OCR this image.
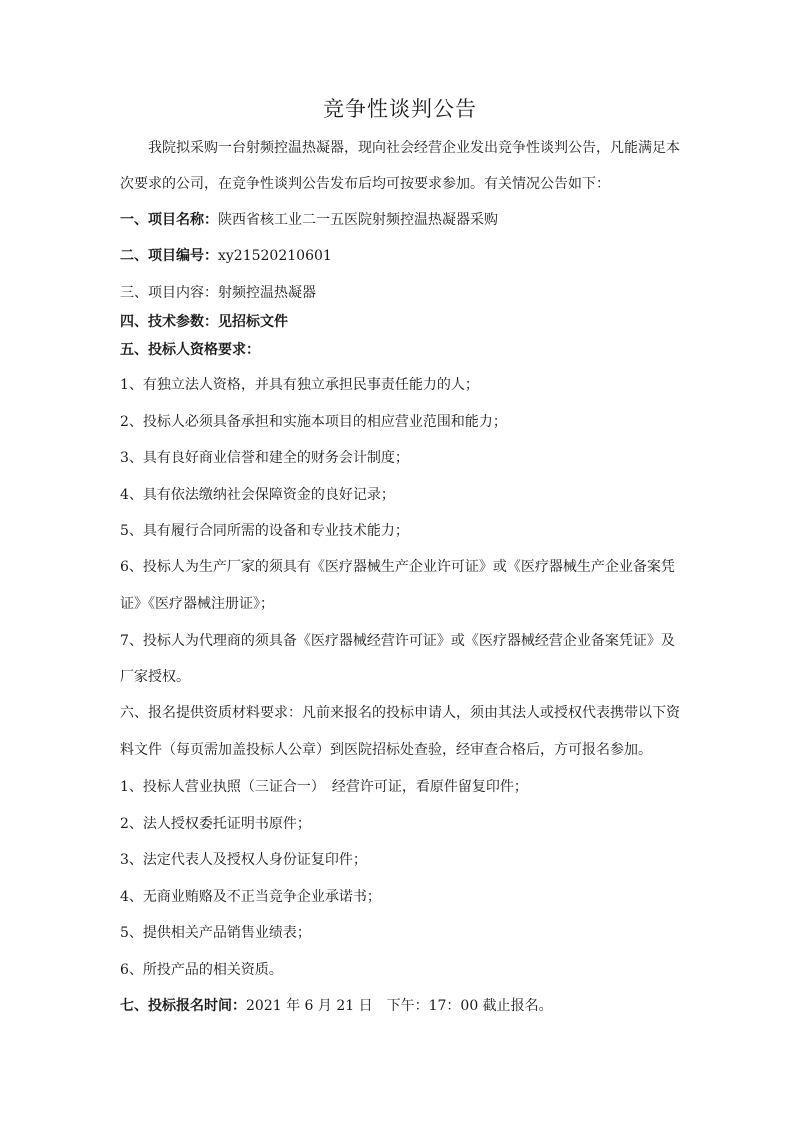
竞争性谈判公告
我院拟采购一台射频控温热凝器，现向社会经营企业发出竞争性谈判公告，凡能满足本
次要求的公司，在竞争性谈判公告发布后均可按要求参加。有关情况公告如下：
一、项目名称：陕西省核工业二一五医院射频控温热凝器采购
二、项目编号：xy21520210601
三、项目内容：射频控温热凝器
四、技术参数：见招标文件
五、投标人资格要求：
1、有独立法人资格，并具有独立承担民事责任能力的人；
2、投标人必须具备承担和实施本项目的相应营业范围和能力；
3、具有良好商业信誉和建全的财务会计制度；
4、具有依法缴纳社会保障资金的良好记录；
5、具有履行合同所需的设备和专业技术能力；
6、投标人为生产厂家的须具有《医疗器械生产企业许可证》或《医疗器械生产企业备案凭
证》《医疗器械注册证》；
7、投标人为代理商的须具备《医疗器械经营许可证》或《医疗器械经营企业备案凭证》及
厂家授权。
六、报名提供资质材料要求：凡前来报名的投标申请人，须由其法人或授权代表携带以下资
料文件（每页需加盖投标人公章）到医院招标处查验，经审查合格后，方可报名参加。
1、投标人营业执照（三证合一）　经营许可证，看原件留复印件；
2、法人授权委托证明书原件；
3、法定代表人及授权人身份证复印件；
4、无商业贿赂及不正当竞争企业承诺书；
5、提供相关产品销售业绩表；
6、所投产品的相关资质。
七、投标报名时间：2021 年 6 月 21 日　下午：17：00 截止报名。
